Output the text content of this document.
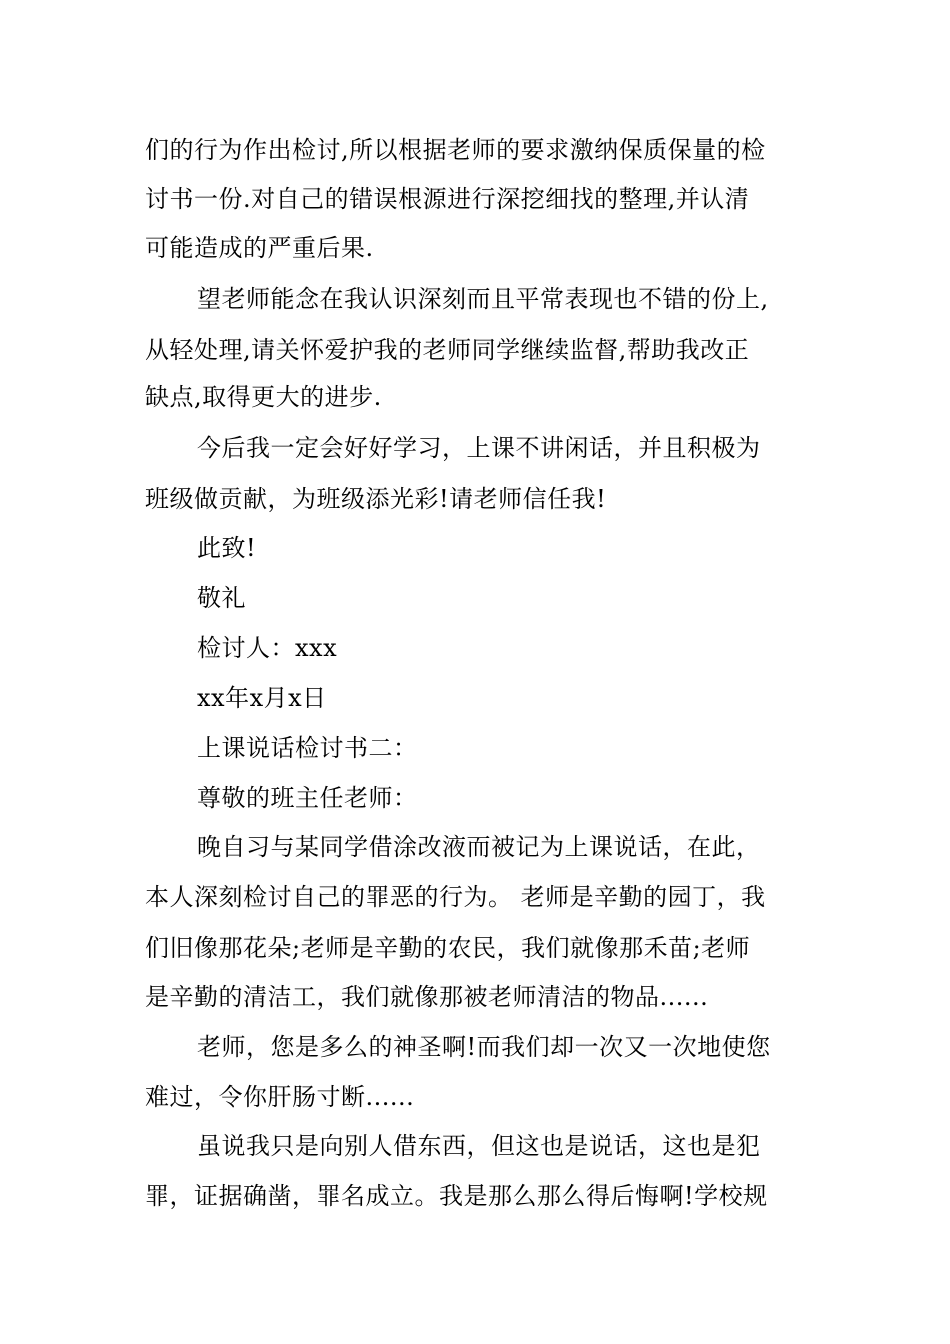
们的行为作出检讨,所以根据老师的要求激纳保质保量的检
讨书一份.对自己的错误根源进行深挖细找的整理,并认清
可能造成的严重后果.
望老师能念在我认识深刻而且平常表现也不错的份上,
从轻处理,请关怀爱护我的老师同学继续监督,帮助我改正
缺点,取得更大的进步.
今后我一定会好好学习，上课不讲闲话，并且积极为
班级做贡献，为班级添光彩!请老师信任我!
此致!
敬礼
检讨人：xxx
xx年x月x日
上课说话检讨书二：
尊敬的班主任老师：
晚自习与某同学借涂改液而被记为上课说话，在此，
本人深刻检讨自己的罪恶的行为。 老师是辛勤的园丁，我
们旧像那花朵;老师是辛勤的农民，我们就像那禾苗;老师
是辛勤的清洁工，我们就像那被老师清洁的物品......
老师，您是多么的神圣啊!而我们却一次又一次地使您
难过，令你肝肠寸断......
虽说我只是向别人借东西，但这也是说话，这也是犯
罪，证据确凿，罪名成立。我是那么那么得后悔啊!学校规
